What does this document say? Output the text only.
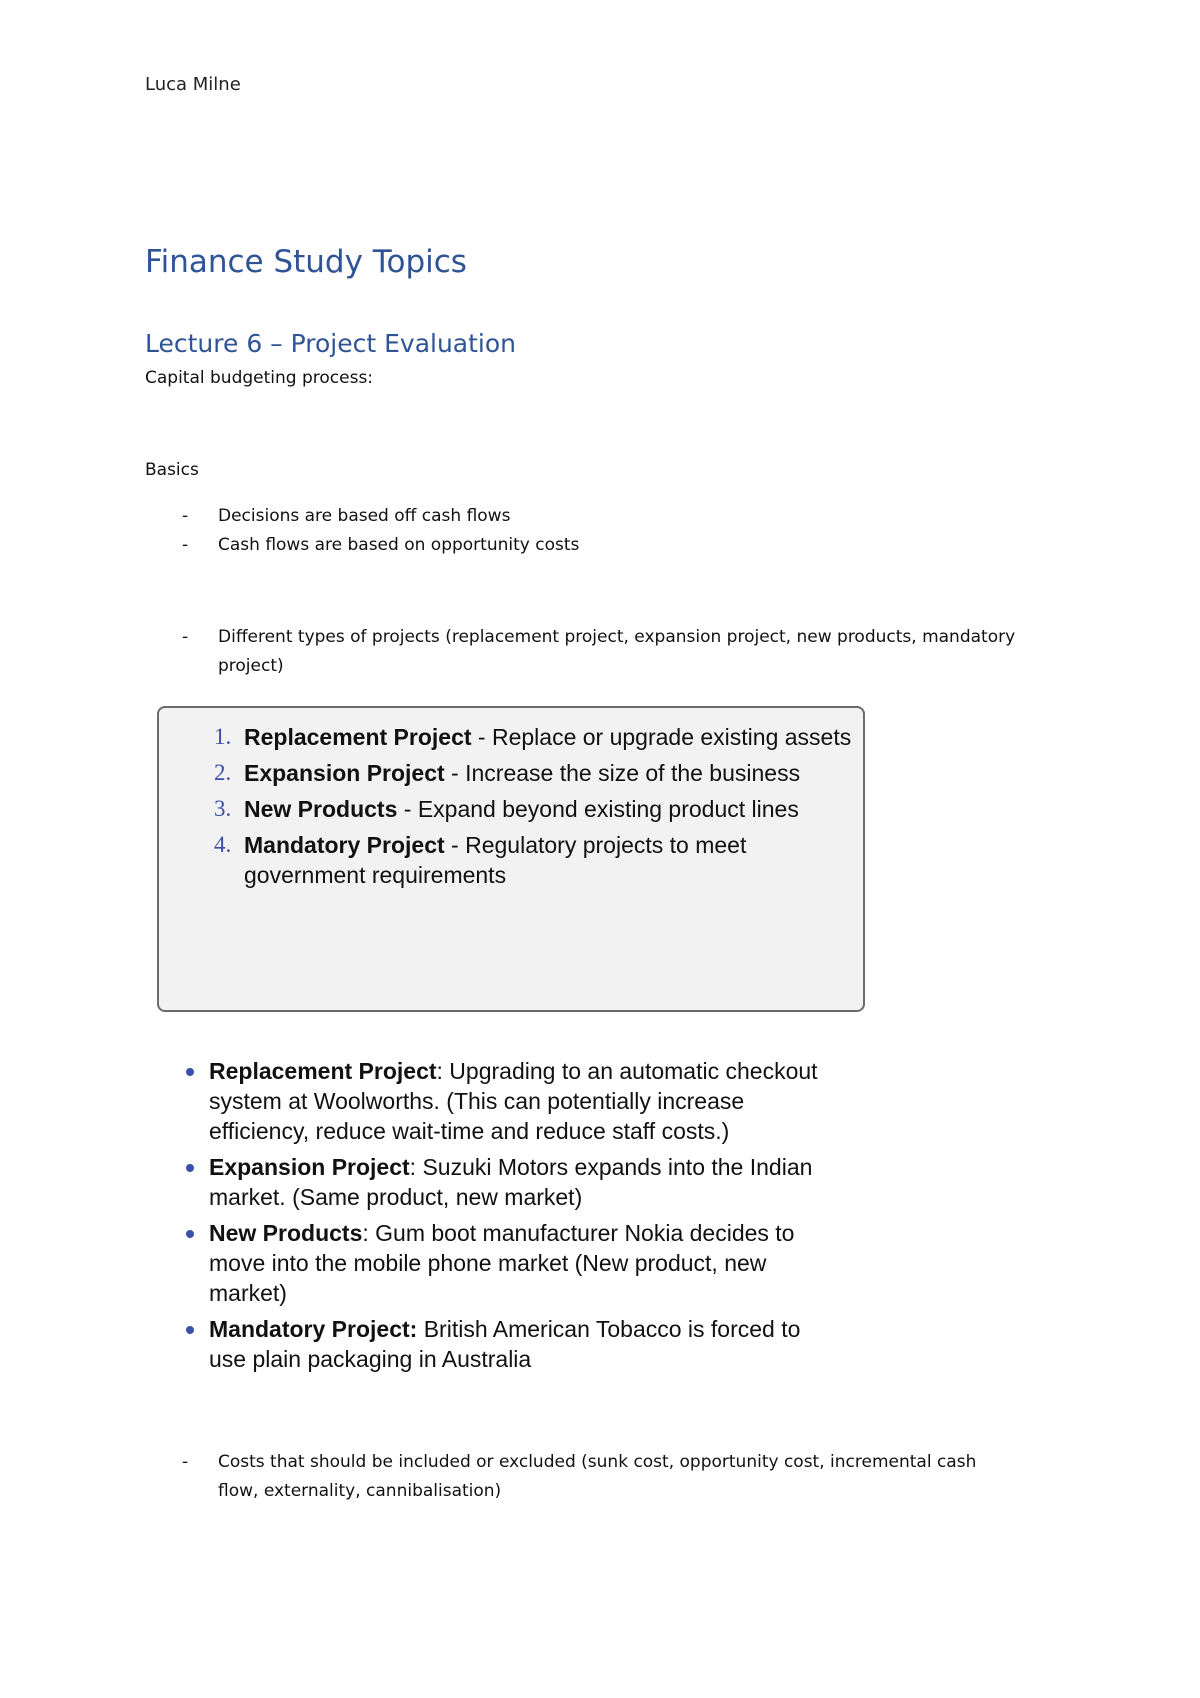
Luca Milne
Finance Study Topics
Lecture 6 – Project Evaluation
Capital budgeting process:
Basics
- Decisions are based off cash flows
- Cash flows are based on opportunity costs
- Different types of projects (replacement project, expansion project, new products, mandatory project)
1. Replacement Project - Replace or upgrade existing assets
2. Expansion Project - Increase the size of the business
3. New Products - Expand beyond existing product lines
4. Mandatory Project - Regulatory projects to meet government requirements
Replacement Project: Upgrading to an automatic checkout system at Woolworths. (This can potentially increase efficiency, reduce wait-time and reduce staff costs.)
Expansion Project: Suzuki Motors expands into the Indian market. (Same product, new market)
New Products: Gum boot manufacturer Nokia decides to move into the mobile phone market (New product, new market)
Mandatory Project: British American Tobacco is forced to use plain packaging in Australia
- Costs that should be included or excluded (sunk cost, opportunity cost, incremental cash flow, externality, cannibalisation)
